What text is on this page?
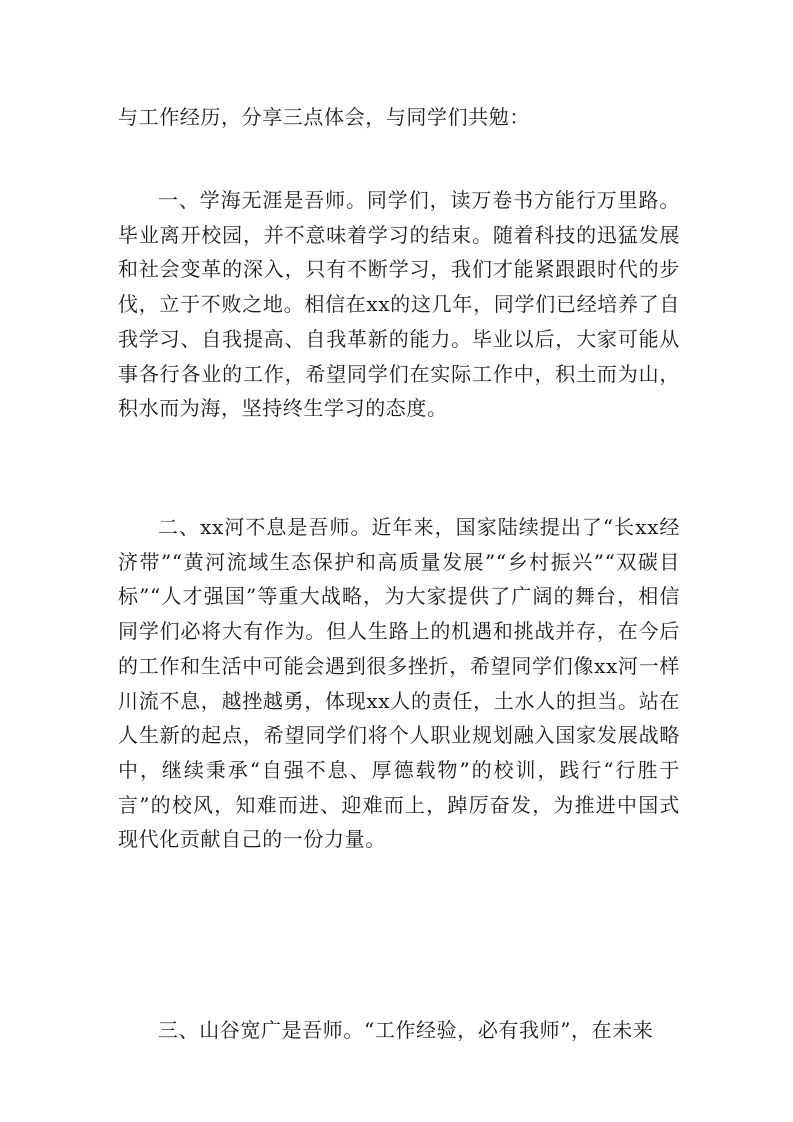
与工作经历，分享三点体会，与同学们共勉：

一、学海无涯是吾师。同学们，读万卷书方能行万里路。毕业离开校园，并不意味着学习的结束。随着科技的迅猛发展和社会变革的深入，只有不断学习，我们才能紧跟跟时代的步伐，立于不败之地。相信在xx的这几年，同学们已经培养了自我学习、自我提高、自我革新的能力。毕业以后，大家可能从事各行各业的工作，希望同学们在实际工作中，积土而为山，积水而为海，坚持终生学习的态度。

二、xx河不息是吾师。近年来，国家陆续提出了“长xx经济带”“黄河流域生态保护和高质量发展”“乡村振兴”“双碳目标”“人才强国”等重大战略，为大家提供了广阔的舞台，相信同学们必将大有作为。但人生路上的机遇和挑战并存，在今后的工作和生活中可能会遇到很多挫折，希望同学们像xx河一样川流不息，越挫越勇，体现xx人的责任，土水人的担当。站在人生新的起点，希望同学们将个人职业规划融入国家发展战略中，继续秉承“自强不息、厚德载物”的校训，践行“行胜于言”的校风，知难而进、迎难而上，踔厉奋发，为推进中国式现代化贡献自己的一份力量。

三、山谷宽广是吾师。“工作经验，必有我师”，在未来
